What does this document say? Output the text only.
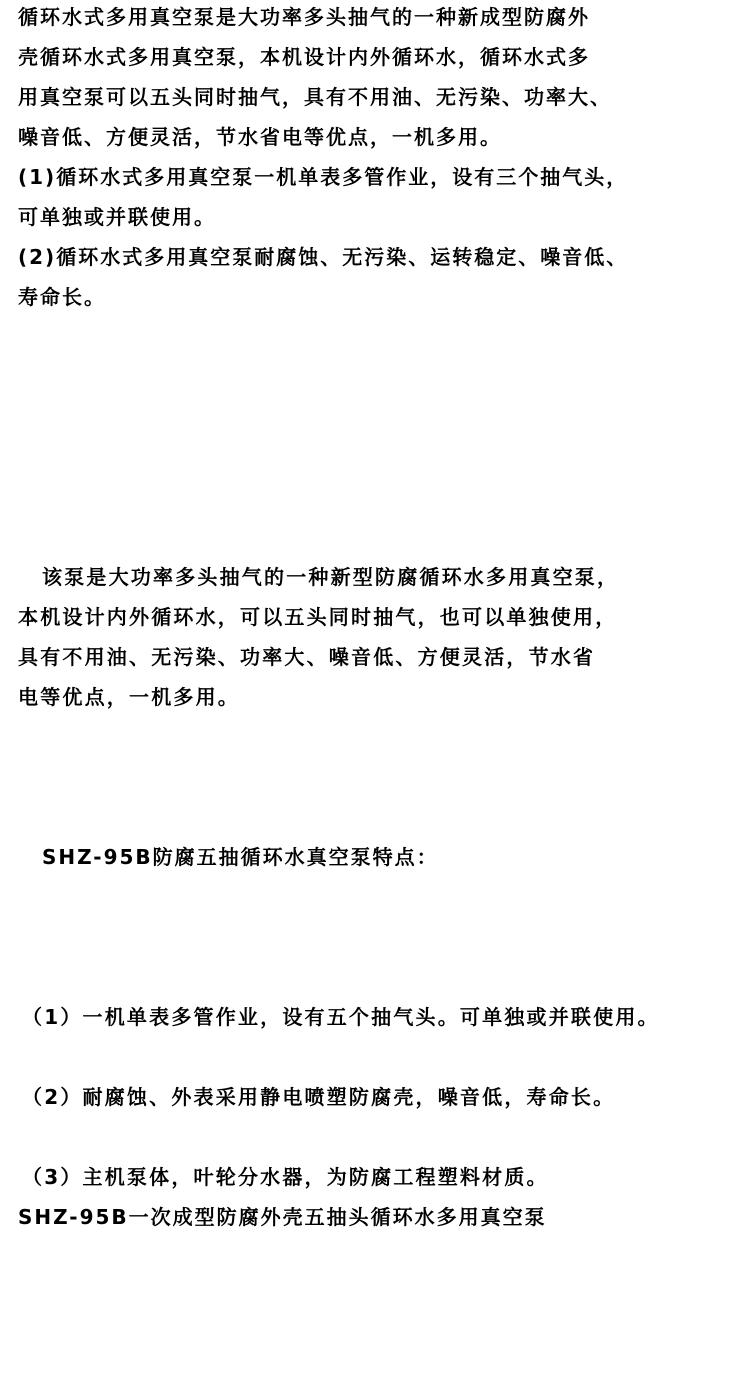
循环水式多用真空泵是大功率多头抽气的一种新成型防腐外
壳循环水式多用真空泵，本机设计内外循环水，循环水式多
用真空泵可以五头同时抽气，具有不用油、无污染、功率大、
噪音低、方便灵活，节水省电等优点，一机多用。
(1)循环水式多用真空泵一机单表多管作业，设有三个抽气头，
可单独或并联使用。
(2)循环水式多用真空泵耐腐蚀、无污染、运转稳定、噪音低、
寿命长。
该泵是大功率多头抽气的一种新型防腐循环水多用真空泵，
本机设计内外循环水，可以五头同时抽气，也可以单独使用，
具有不用油、无污染、功率大、噪音低、方便灵活，节水省
电等优点，一机多用。
SHZ-95B防腐五抽循环水真空泵特点：
（1）一机单表多管作业，设有五个抽气头。可单独或并联使用。
（2）耐腐蚀、外表采用静电喷塑防腐壳，噪音低，寿命长。
（3）主机泵体，叶轮分水器，为防腐工程塑料材质。
SHZ-95B一次成型防腐外壳五抽头循环水多用真空泵
